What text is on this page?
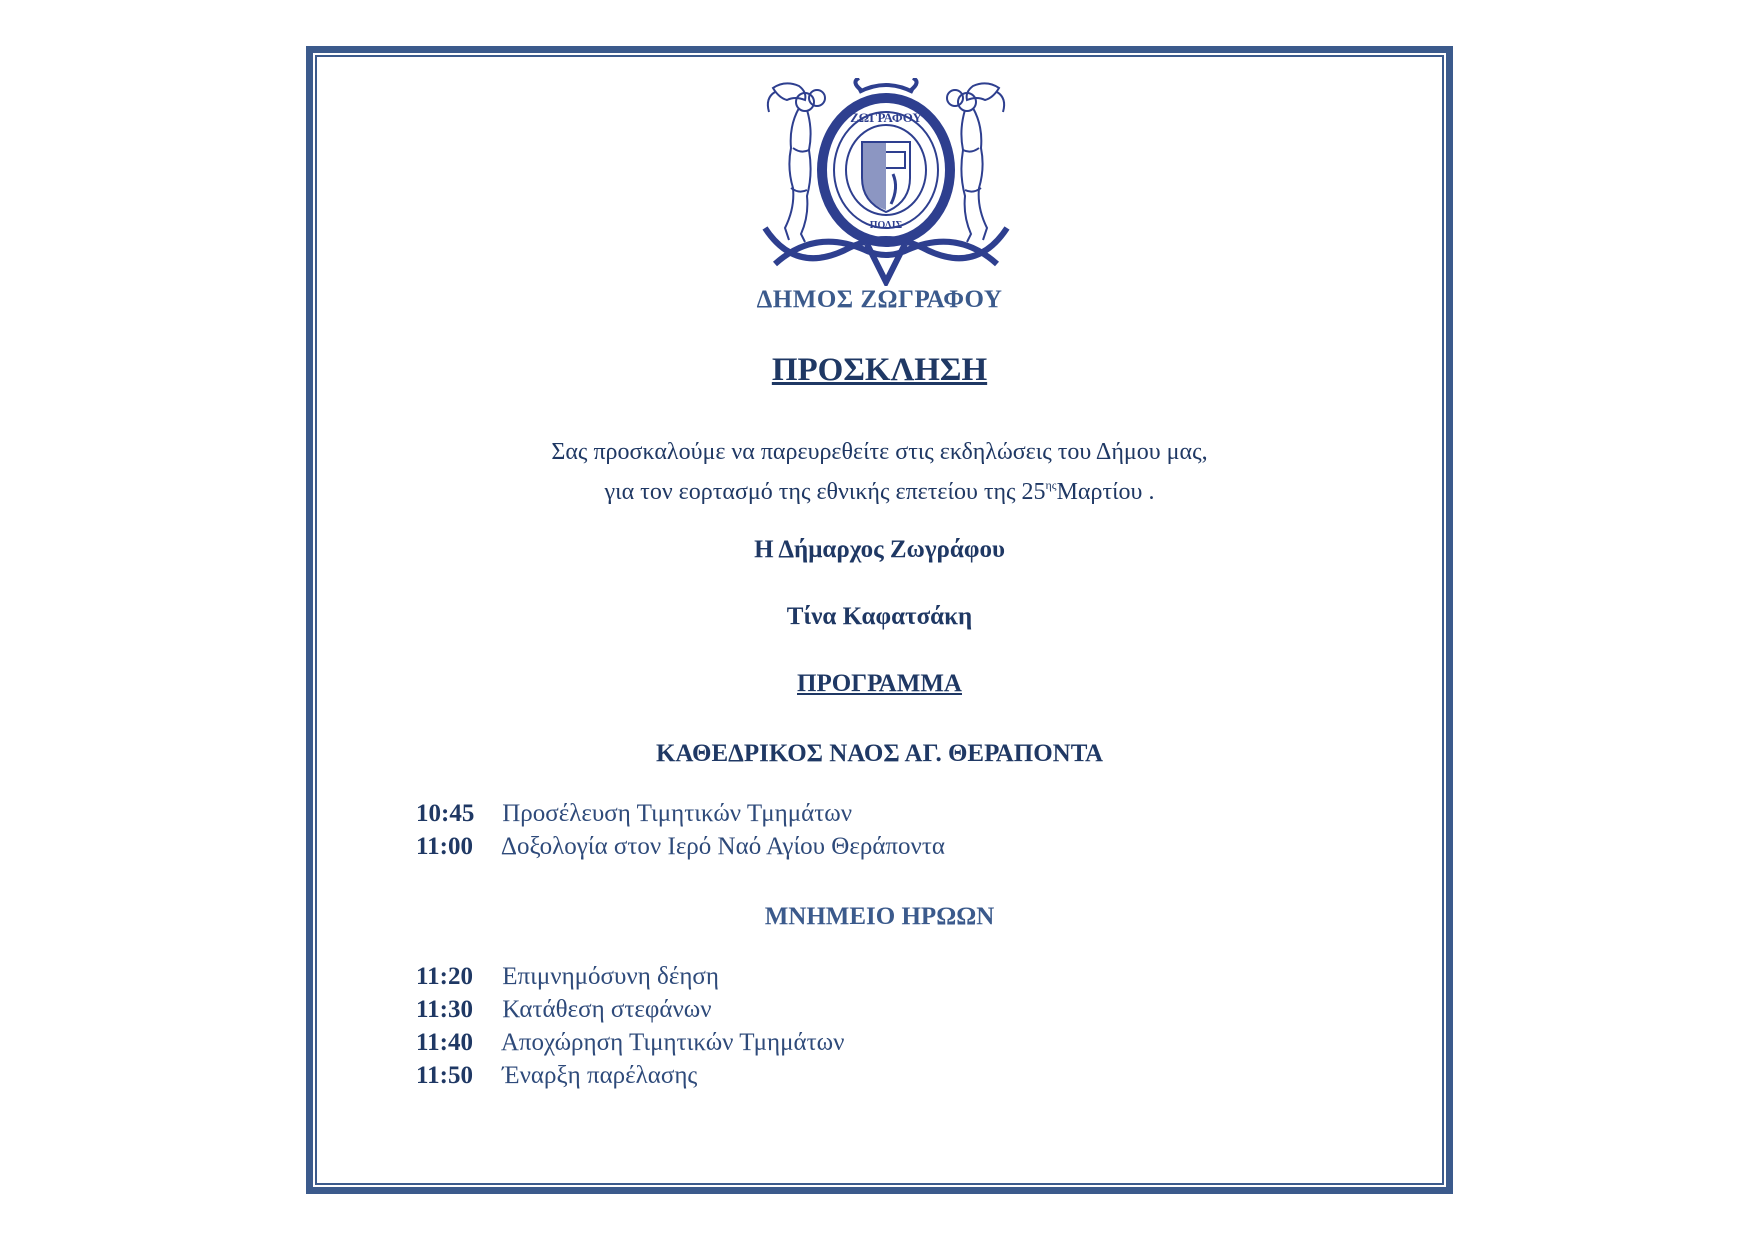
ΖΩΓΡΑΦΟΥ
ΠΟΛΙΣ
ΔΗΜΟΣ ΖΩΓΡΑΦΟΥ
ΠΡΟΣΚΛΗΣΗ
Σας προσκαλούμε να παρευρεθείτε στις εκδηλώσεις του Δήμου μας,
για τον εορτασμό της εθνικής επετείου της $25^{\eta\varsigma}M\alpha\rho\tau ίo\upsilon$ .
Η Δήμαρχος Ζωγράφου
Τίνα Καφατσάκη
ΠΡΟΓΡΑΜΜΑ
ΚΑΘΕΔΡΙΚΟΣ ΝΑΟΣ ΑΓ. ΘΕΡΑΠΟΝΤΑ
10:45 Προσέλευση Τιμητικών Τμημάτων
11:00 Δοξολογία στον Ιερό Ναό Αγίου Θεράποντα
ΜΝΗΜΕΙΟ ΗΡΩΩΝ
11:20 Επιμνημόσυνη δέηση
11:30 Κατάθεση στεφάνων
11:40 Αποχώρηση Τιμητικών Τμημάτων
11:50 Έναρξη παρέλασης
